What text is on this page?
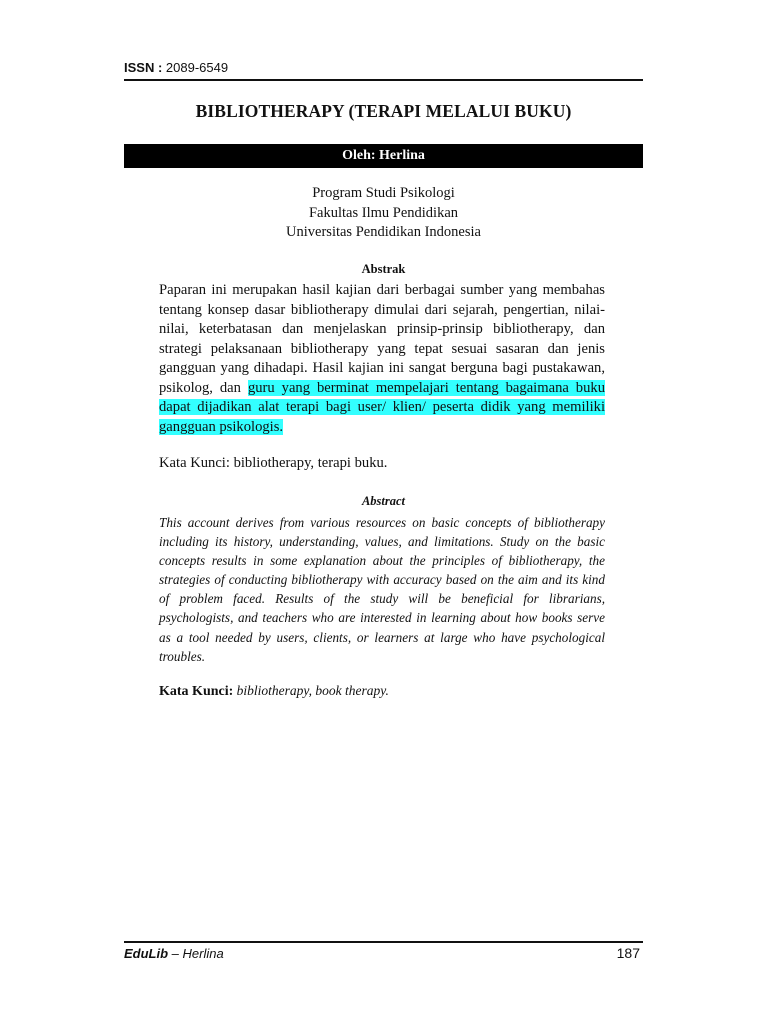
ISSN : 2089-6549
BIBLIOTHERAPY (TERAPI MELALUI BUKU)
Oleh: Herlina
Program Studi Psikologi
Fakultas Ilmu Pendidikan
Universitas Pendidikan Indonesia
Abstrak
Paparan ini merupakan hasil kajian dari berbagai sumber yang membahas tentang konsep dasar bibliotherapy dimulai dari sejarah, pengertian, nilai-nilai, keterbatasan dan menjelaskan prinsip-prinsip bibliotherapy, dan strategi pelaksanaan bibliotherapy yang tepat sesuai sasaran dan jenis gangguan yang dihadapi. Hasil kajian ini sangat berguna bagi pustakawan, psikolog, dan guru yang berminat mempelajari tentang bagaimana buku dapat dijadikan alat terapi bagi user/ klien/ peserta didik yang memiliki gangguan psikologis.
Kata Kunci: bibliotherapy, terapi buku.
Abstract
This account derives from various resources on basic concepts of bibliotherapy including its history, understanding, values, and limitations. Study on the basic concepts results in some explanation about the principles of bibliotherapy, the strategies of conducting bibliotherapy with accuracy based on the aim and its kind of problem faced. Results of the study will be beneficial for librarians, psychologists, and teachers who are interested in learning about how books serve as a tool needed by users, clients, or learners at large who have psychological troubles.
Kata Kunci: bibliotherapy, book therapy.
EduLib – Herlina	187
